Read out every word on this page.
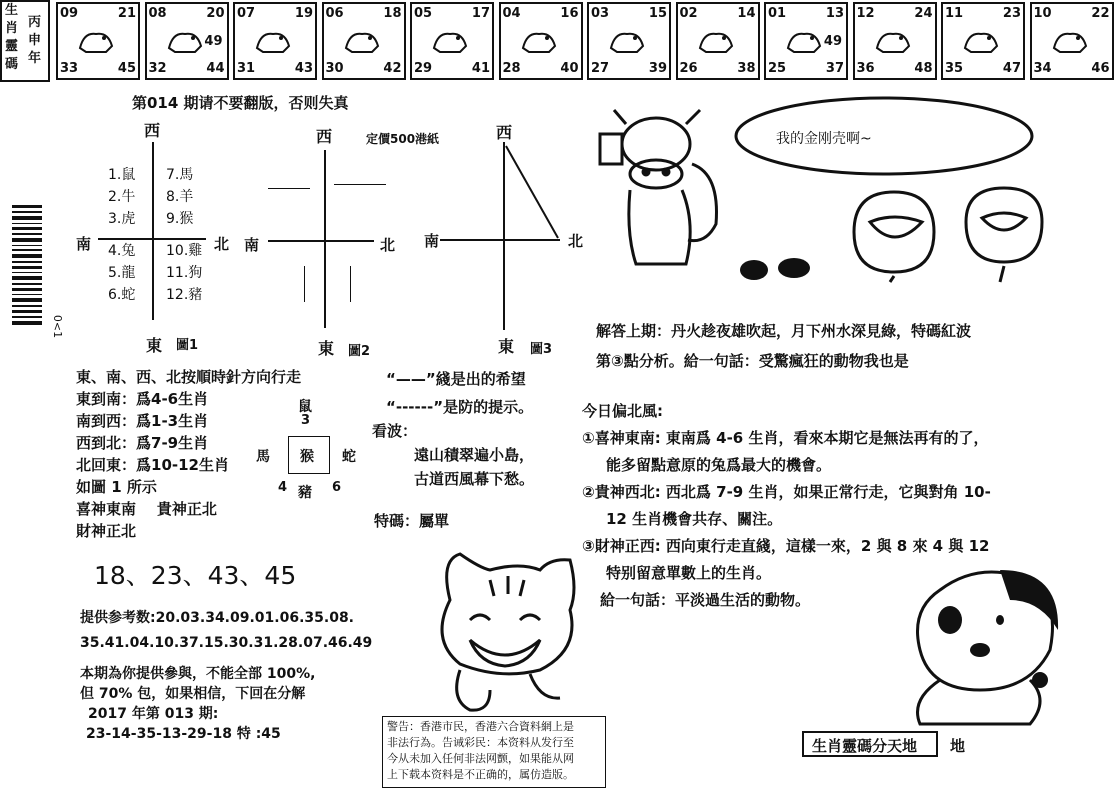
生
肖
靈
碼
丙
申
年
09	21
33	45
08	20
32	44
49
07	19
31	43
06	18
30	42
05	17
29	41
04	16
28	40
03	15
27	39
02	14
26	38
01	13
25	37
49
12	24
36	48
11	23
35	47
10	22
34	46
第014 期请不要翻版，否则失真
定價500港紙
0<1
西
南	北
1.鼠
2.牛
3.虎
4.兔
5.龍
6.蛇
7.馬
8.羊
9.猴
10.雞
11.狗
12.豬
東 圖1
西
南	北
東 圖2
西
南	北
東 圖3
東、南、西、北按順時針方向行走
東到南：爲4-6生肖
南到西：爲1-3生肖
西到北：爲7-9生肖
北回東：爲10-12生肖
如圖 1 所示
喜神東南 貴神正北
財神正北
“——”綫是出的希望
“------”是防的提示。
鼠
3
馬 猴 蛇
4 豬 6
看波：
遠山積翠遍小島，
古道西風幕下愁。
特碼：屬單
18、23、43、45
提供参考数:20.03.34.09.01.06.35.08.
35.41.04.10.37.15.30.31.28.07.46.49
本期為你提供參與，不能全部 100%,
但 70% 包，如果相信，下回在分解
2017 年第 013 期:
23-14-35-13-29-18 特 :45	警告：香港市民，香港六合資料網上是
非法行為。告诫彩民：本资料从发行至
今从未加入任何非法网颤，如果能从网
上下载本资料是不正确的，属仿造版。
我的金刚壳啊~
解答上期：丹火趁夜雄吹起，月下州水深見綠，特碼紅波
第③點分析。給一句話：受驚瘋狂的動物我也是
今日偏北風:
①喜神東南: 東南爲 4-6 生肖，看來本期它是無法再有的了，
能多留點意原的兔爲最大的機會。
②貴神西北: 西北爲 7-9 生肖，如果正常行走，它與對角 10-
12 生肖機會共存、關注。
③財神正西: 西向東行走直綫，這樣一來，2 與 8 來 4 與 12
特别留意單數上的生肖。
給一句話：平淡過生活的動物。
生肖靈碼分天地 地
